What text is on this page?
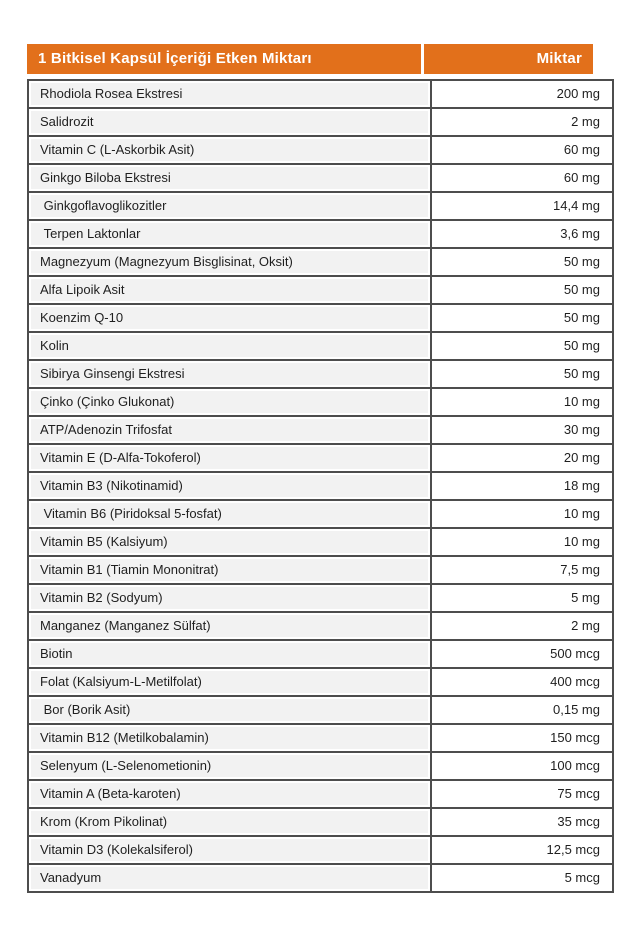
1 Bitkisel Kapsül İçeriği Etken Miktarı	Miktar
Rhodiola Rosea Ekstresi	200 mg
Salidrozit	2 mg
Vitamin C (L-Askorbik Asit)	60 mg
Ginkgo Biloba Ekstresi	60 mg
Ginkgoflavoglikozitler	14,4 mg
Terpen Laktonlar	3,6 mg
Magnezyum (Magnezyum Bisglisinat, Oksit)	50 mg
Alfa Lipoik Asit	50 mg
Koenzim Q-10	50 mg
Kolin	50 mg
Sibirya Ginsengi Ekstresi	50 mg
Çinko (Çinko Glukonat)	10 mg
ATP/Adenozin Trifosfat	30 mg
Vitamin E (D-Alfa-Tokoferol)	20 mg
Vitamin B3 (Nikotinamid)	18 mg
Vitamin B6 (Piridoksal 5-fosfat)	10 mg
Vitamin B5 (Kalsiyum)	10 mg
Vitamin B1 (Tiamin Mononitrat)	7,5 mg
Vitamin B2 (Sodyum)	5 mg
Manganez (Manganez Sülfat)	2 mg
Biotin	500 mcg
Folat (Kalsiyum-L-Metilfolat)	400 mcg
Bor (Borik Asit)	0,15 mg
Vitamin B12 (Metilkobalamin)	150 mcg
Selenyum (L-Selenometionin)	100 mcg
Vitamin A (Beta-karoten)	75 mcg
Krom (Krom Pikolinat)	35 mcg
Vitamin D3 (Kolekalsiferol)	12,5 mcg
Vanadyum	5 mcg
